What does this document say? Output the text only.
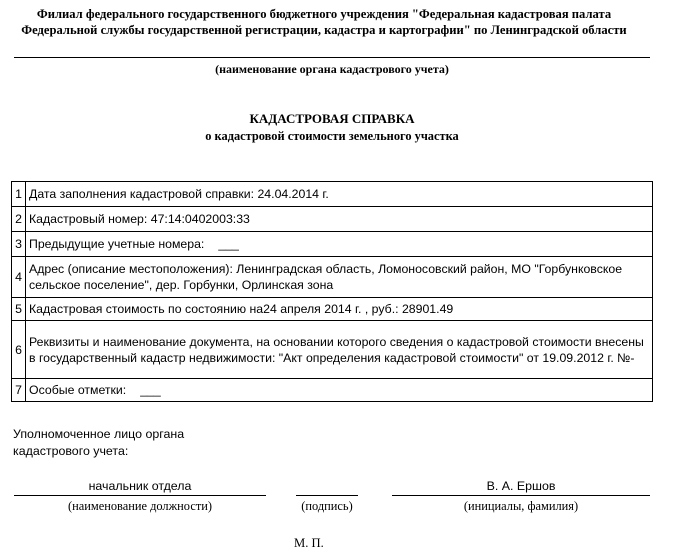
Филиал федерального государственного бюджетного учреждения "Федеральная кадастровая палата Федеральной службы государственной регистрации, кадастра и картографии" по Ленинградской области
(наименование органа кадастрового учета)
КАДАСТРОВАЯ СПРАВКА
о кадастровой стоимости земельного участка
1	Дата заполнения кадастровой справки: 24.04.2014 г.
2	Кадастровый номер: 47:14:0402003:33
3	Предыдущие учетные номера: ___
4	Адрес (описание местоположения): Ленинградская область, Ломоносовский район, МО "Горбунковское сельское поселение", дер. Горбунки, Орлинская зона
5	Кадастровая стоимость по состоянию на24 апреля 2014 г. , руб.: 28901.49
6	Реквизиты и наименование документа, на основании которого сведения о кадастровой стоимости внесены в государственный кадастр недвижимости: "Акт определения кадастровой стоимости" от 19.09.2012 г. №-
7	Особые отметки: ___
Уполномоченное лицо органа
кадастрового учета:
начальник отдела
(наименование должности)	(подпись)
В. А. Ершов
(инициалы, фамилия)
М. П.
